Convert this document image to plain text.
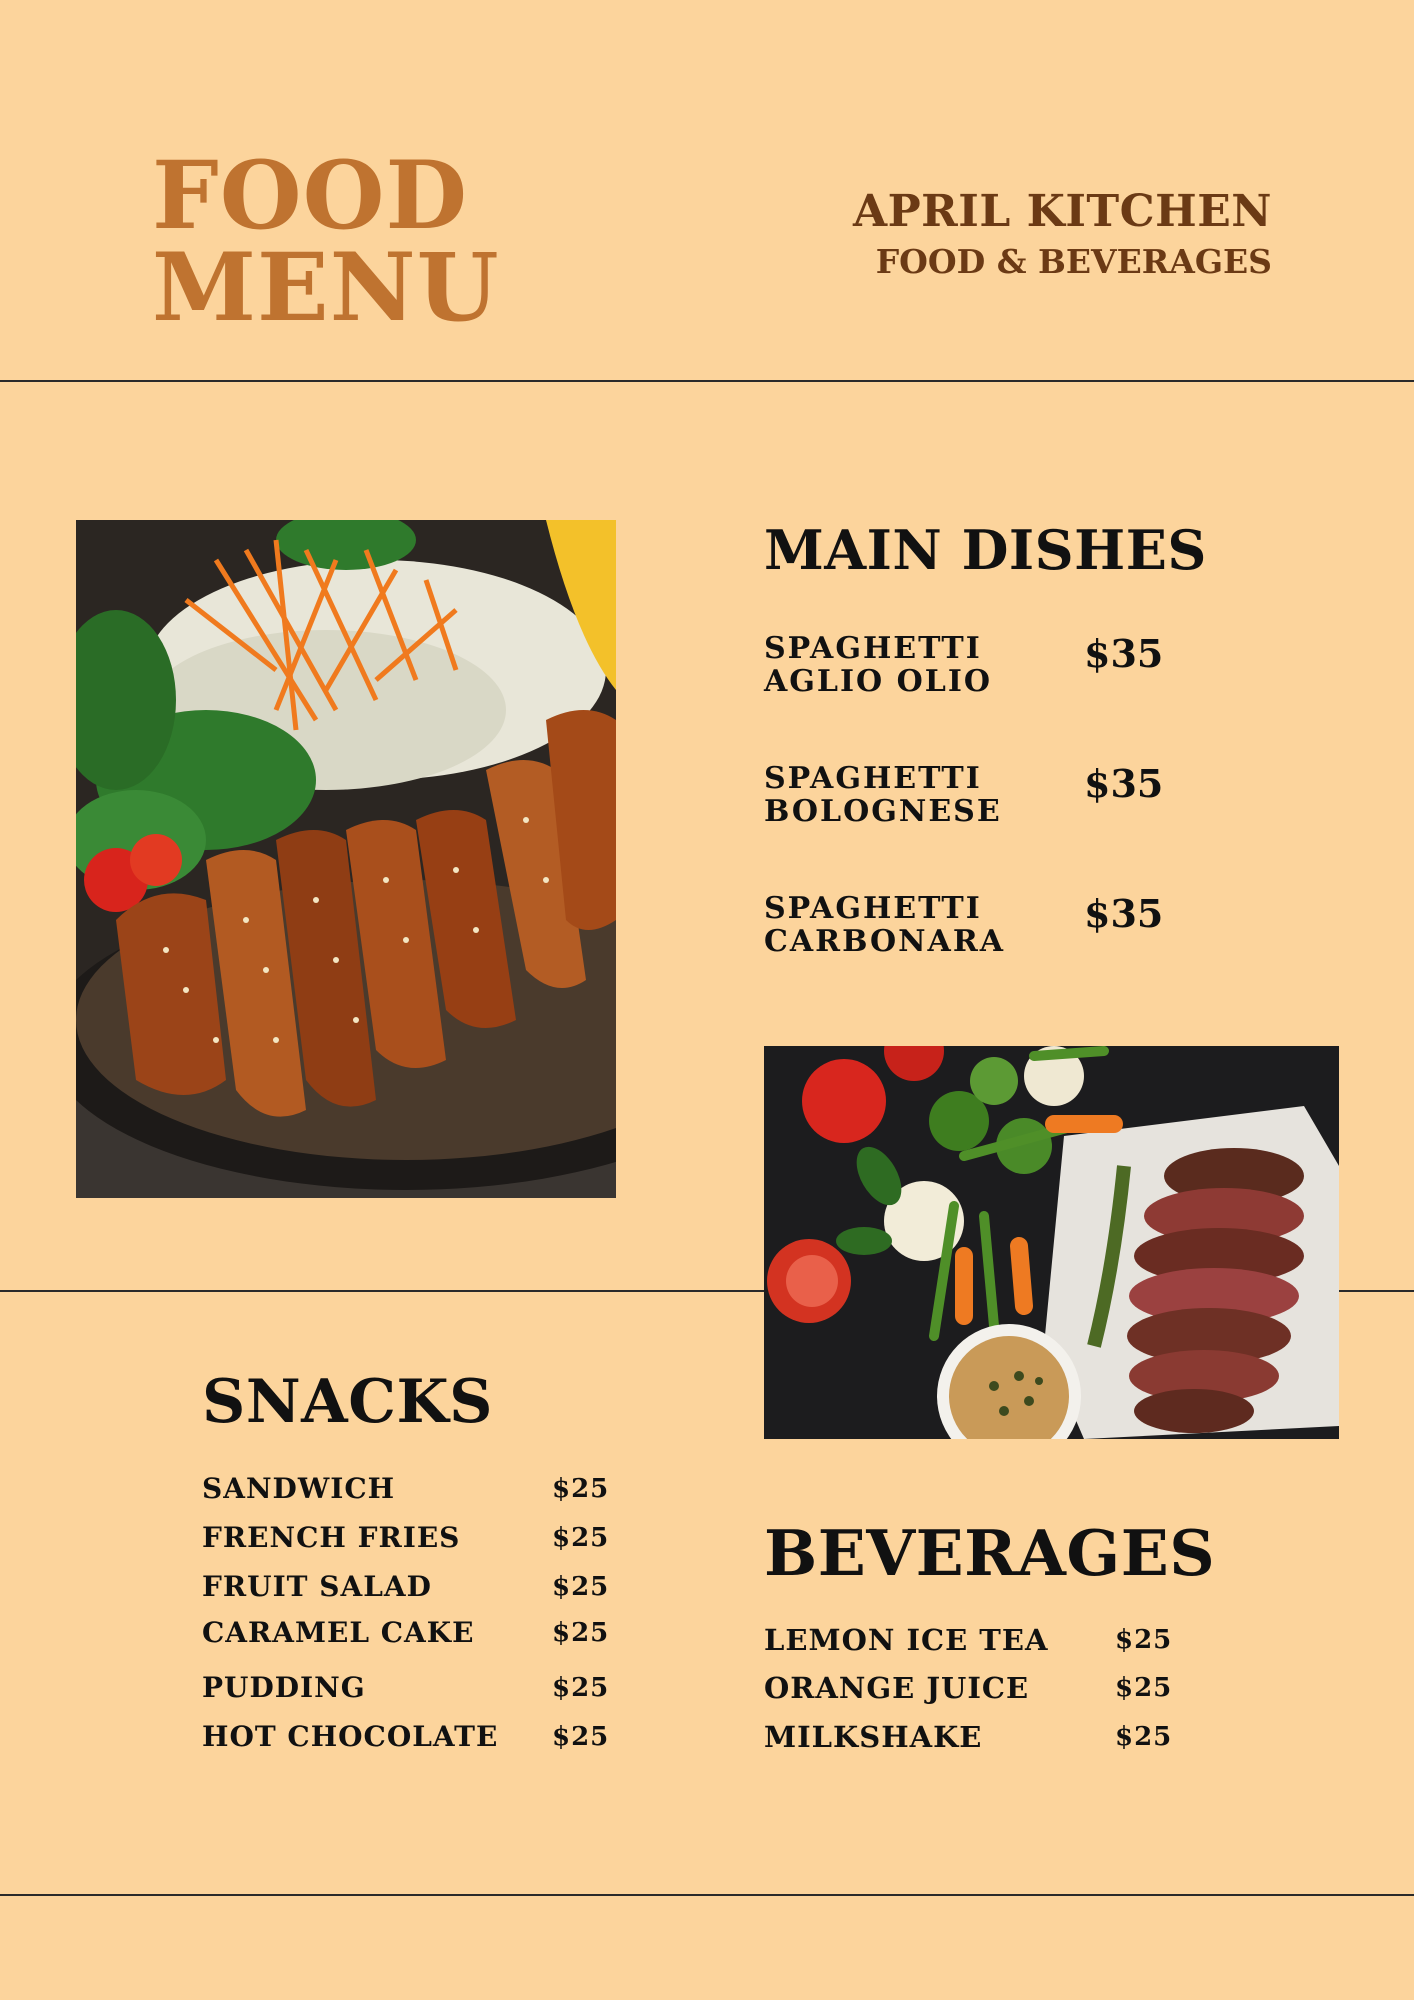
FOOD
MENU
APRIL KITCHEN
FOOD & BEVERAGES
MAIN DISHES
SPAGHETTI
AGLIO OLIO
$35
SPAGHETTI
BOLOGNESE
$35
SPAGHETTI
CARBONARA
$35
SNACKS
SANDWICH	$25
FRENCH FRIES	$25
FRUIT SALAD	$25
CARAMEL CAKE	$25
PUDDING	$25
HOT CHOCOLATE $25
BEVERAGES
LEMON ICE TEA	$25
ORANGE JUICE	$25
MILKSHAKE	$25
